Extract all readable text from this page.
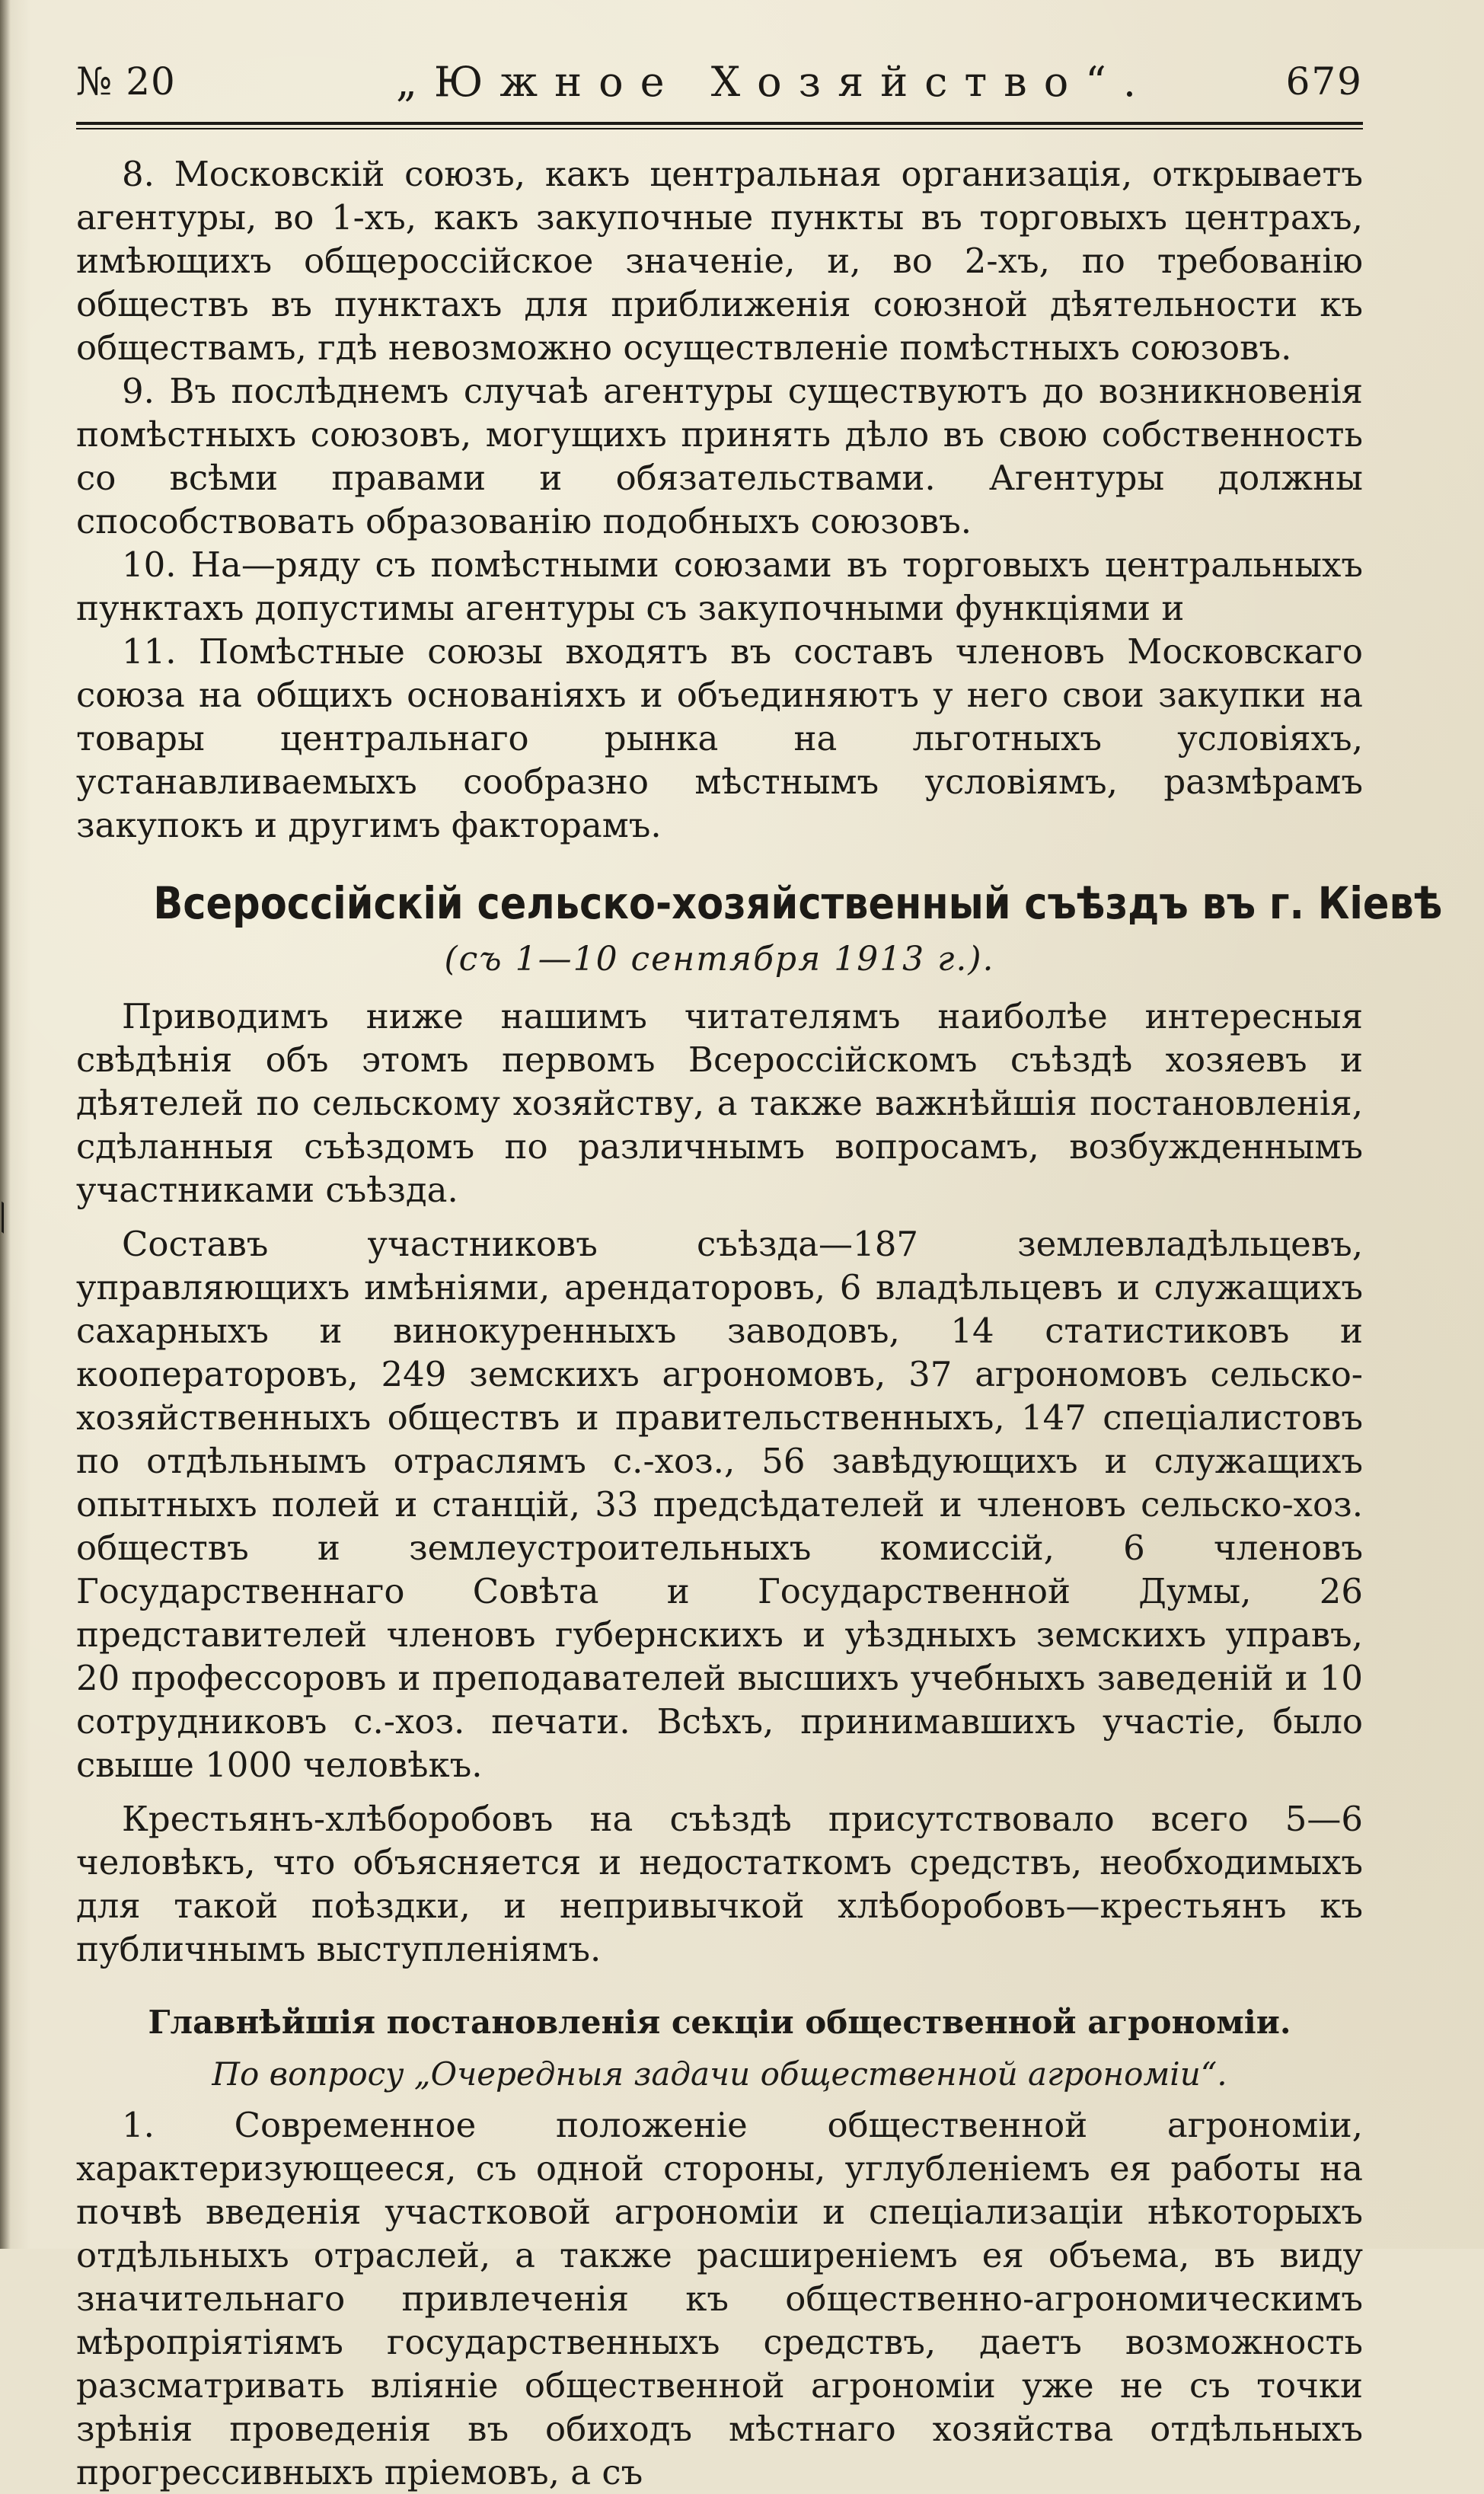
№ 20	„Южное Хозяйство“.	679

8. Московскій союзъ, какъ центральная организація, открываетъ агентуры, во 1-хъ, какъ закупочные пункты въ торговыхъ центрахъ, имѣющихъ общероссійское значеніе, и, во 2-хъ, по требованію обществъ въ пунктахъ для приближенія союзной дѣятельности къ обществамъ, гдѣ невозможно осуществленіе помѣстныхъ союзовъ.

9. Въ послѣднемъ случаѣ агентуры существуютъ до возникновенія помѣстныхъ союзовъ, могущихъ принять дѣло въ свою собственность со всѣми правами и обязательствами. Агентуры должны способствовать образованію подобныхъ союзовъ.

10. На—ряду съ помѣстными союзами въ торговыхъ центральныхъ пунктахъ допустимы агентуры съ закупочными функціями и

11. Помѣстные союзы входятъ въ составъ членовъ Московскаго союза на общихъ основаніяхъ и объединяютъ у него свои закупки на товары центральнаго рынка на льготныхъ условіяхъ, устанавливаемыхъ сообразно мѣстнымъ условіямъ, размѣрамъ закупокъ и другимъ факторамъ.

Всероссійскій сельско-хозяйственный съѣздъ въ г. Кіевѣ
(съ 1—10 сентября 1913 г.).

Приводимъ ниже нашимъ читателямъ наиболѣе интересныя свѣдѣнія объ этомъ первомъ Всероссійскомъ съѣздѣ хозяевъ и дѣятелей по сельскому хозяйству, а также важнѣйшія постановленія, сдѣланныя съѣздомъ по различнымъ вопросамъ, возбужденнымъ участниками съѣзда.

Составъ участниковъ съѣзда—187 землевладѣльцевъ, управляющихъ имѣніями, арендаторовъ, 6 владѣльцевъ и служащихъ сахарныхъ и винокуренныхъ заводовъ, 14 статистиковъ и кооператоровъ, 249 земскихъ агрономовъ, 37 агрономовъ сельско-хозяйственныхъ обществъ и правительственныхъ, 147 спеціалистовъ по отдѣльнымъ отраслямъ с.-хоз., 56 завѣдующихъ и служащихъ опытныхъ полей и станцій, 33 предсѣдателей и членовъ сельско-хоз. обществъ и землеустроительныхъ комиссій, 6 членовъ Государственнаго Совѣта и Государственной Думы, 26 представителей членовъ губернскихъ и уѣздныхъ земскихъ управъ, 20 профессоровъ и преподавателей высшихъ учебныхъ заведеній и 10 сотрудниковъ с.-хоз. печати. Всѣхъ, принимавшихъ участіе, было свыше 1000 человѣкъ.

Крестьянъ-хлѣборобовъ на съѣздѣ присутствовало всего 5—6 человѣкъ, что объясняется и недостаткомъ средствъ, необходимыхъ для такой поѣздки, и непривычкой хлѣборобовъ—крестьянъ къ публичнымъ выступленіямъ.

Главнѣйшія постановленія секціи общественной агрономіи.
По вопросу „Очередныя задачи общественной агрономіи“.

1. Современное положеніе общественной агрономіи, характеризующееся, съ одной стороны, углубленіемъ ея работы на почвѣ введенія участковой агрономіи и спеціализаціи нѣкоторыхъ отдѣльныхъ отраслей, а также расширеніемъ ея объема, въ виду значительнаго привлеченія къ общественно-агрономическимъ мѣропріятіямъ государственныхъ средствъ, даетъ возможность разсматривать вліяніе общественной агрономіи уже не съ точки зрѣнія проведенія въ обиходъ мѣстнаго хозяйства отдѣльныхъ прогрессивныхъ пріемовъ, а съ
